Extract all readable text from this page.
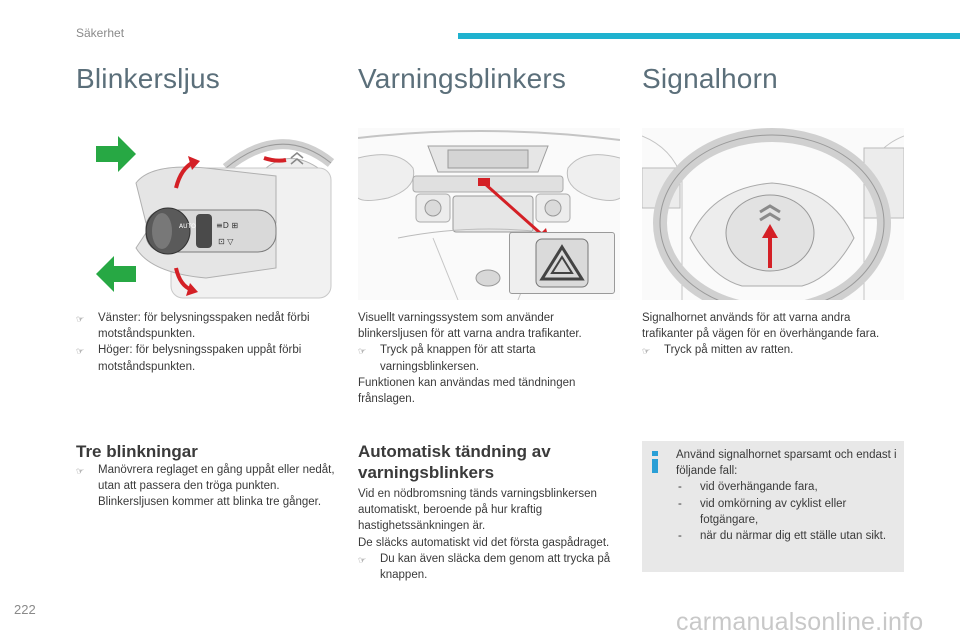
Säkerhet
Blinkersljus	Varningsblinkers	Signalhorn
AUTO	≡D ⊞
⊡ ▽
☞	Vänster: för belysningsspaken nedåt förbi motståndspunkten.
☞	Höger: för belysningsspaken uppåt förbi motståndspunkten.
Tre blinkningar
☞	Manövrera reglaget en gång uppåt eller nedåt, utan att passera den tröga punkten. Blinkersljusen kommer att blinka tre gånger.
Visuellt varningssystem som använder blinkersljusen för att varna andra trafikanter.
☞	Tryck på knappen för att starta varningsblinkersen.
Funktionen kan användas med tändningen frånslagen.
Automatisk tändning av varningsblinkers
Vid en nödbromsning tänds varningsblinkersen automatiskt, beroende på hur kraftig hastighetssänkningen är.
De släcks automatiskt vid det första gaspådraget.
☞	Du kan även släcka dem genom att trycka på knappen.
Signalhornet används för att varna andra trafikanter på vägen för en överhängande fara.
☞	Tryck på mitten av ratten.
Använd signalhornet sparsamt och endast i följande fall:
-	vid överhängande fara,
-	vid omkörning av cyklist eller fotgängare,
-	när du närmar dig ett ställe utan sikt.
222	carmanualsonline.info
